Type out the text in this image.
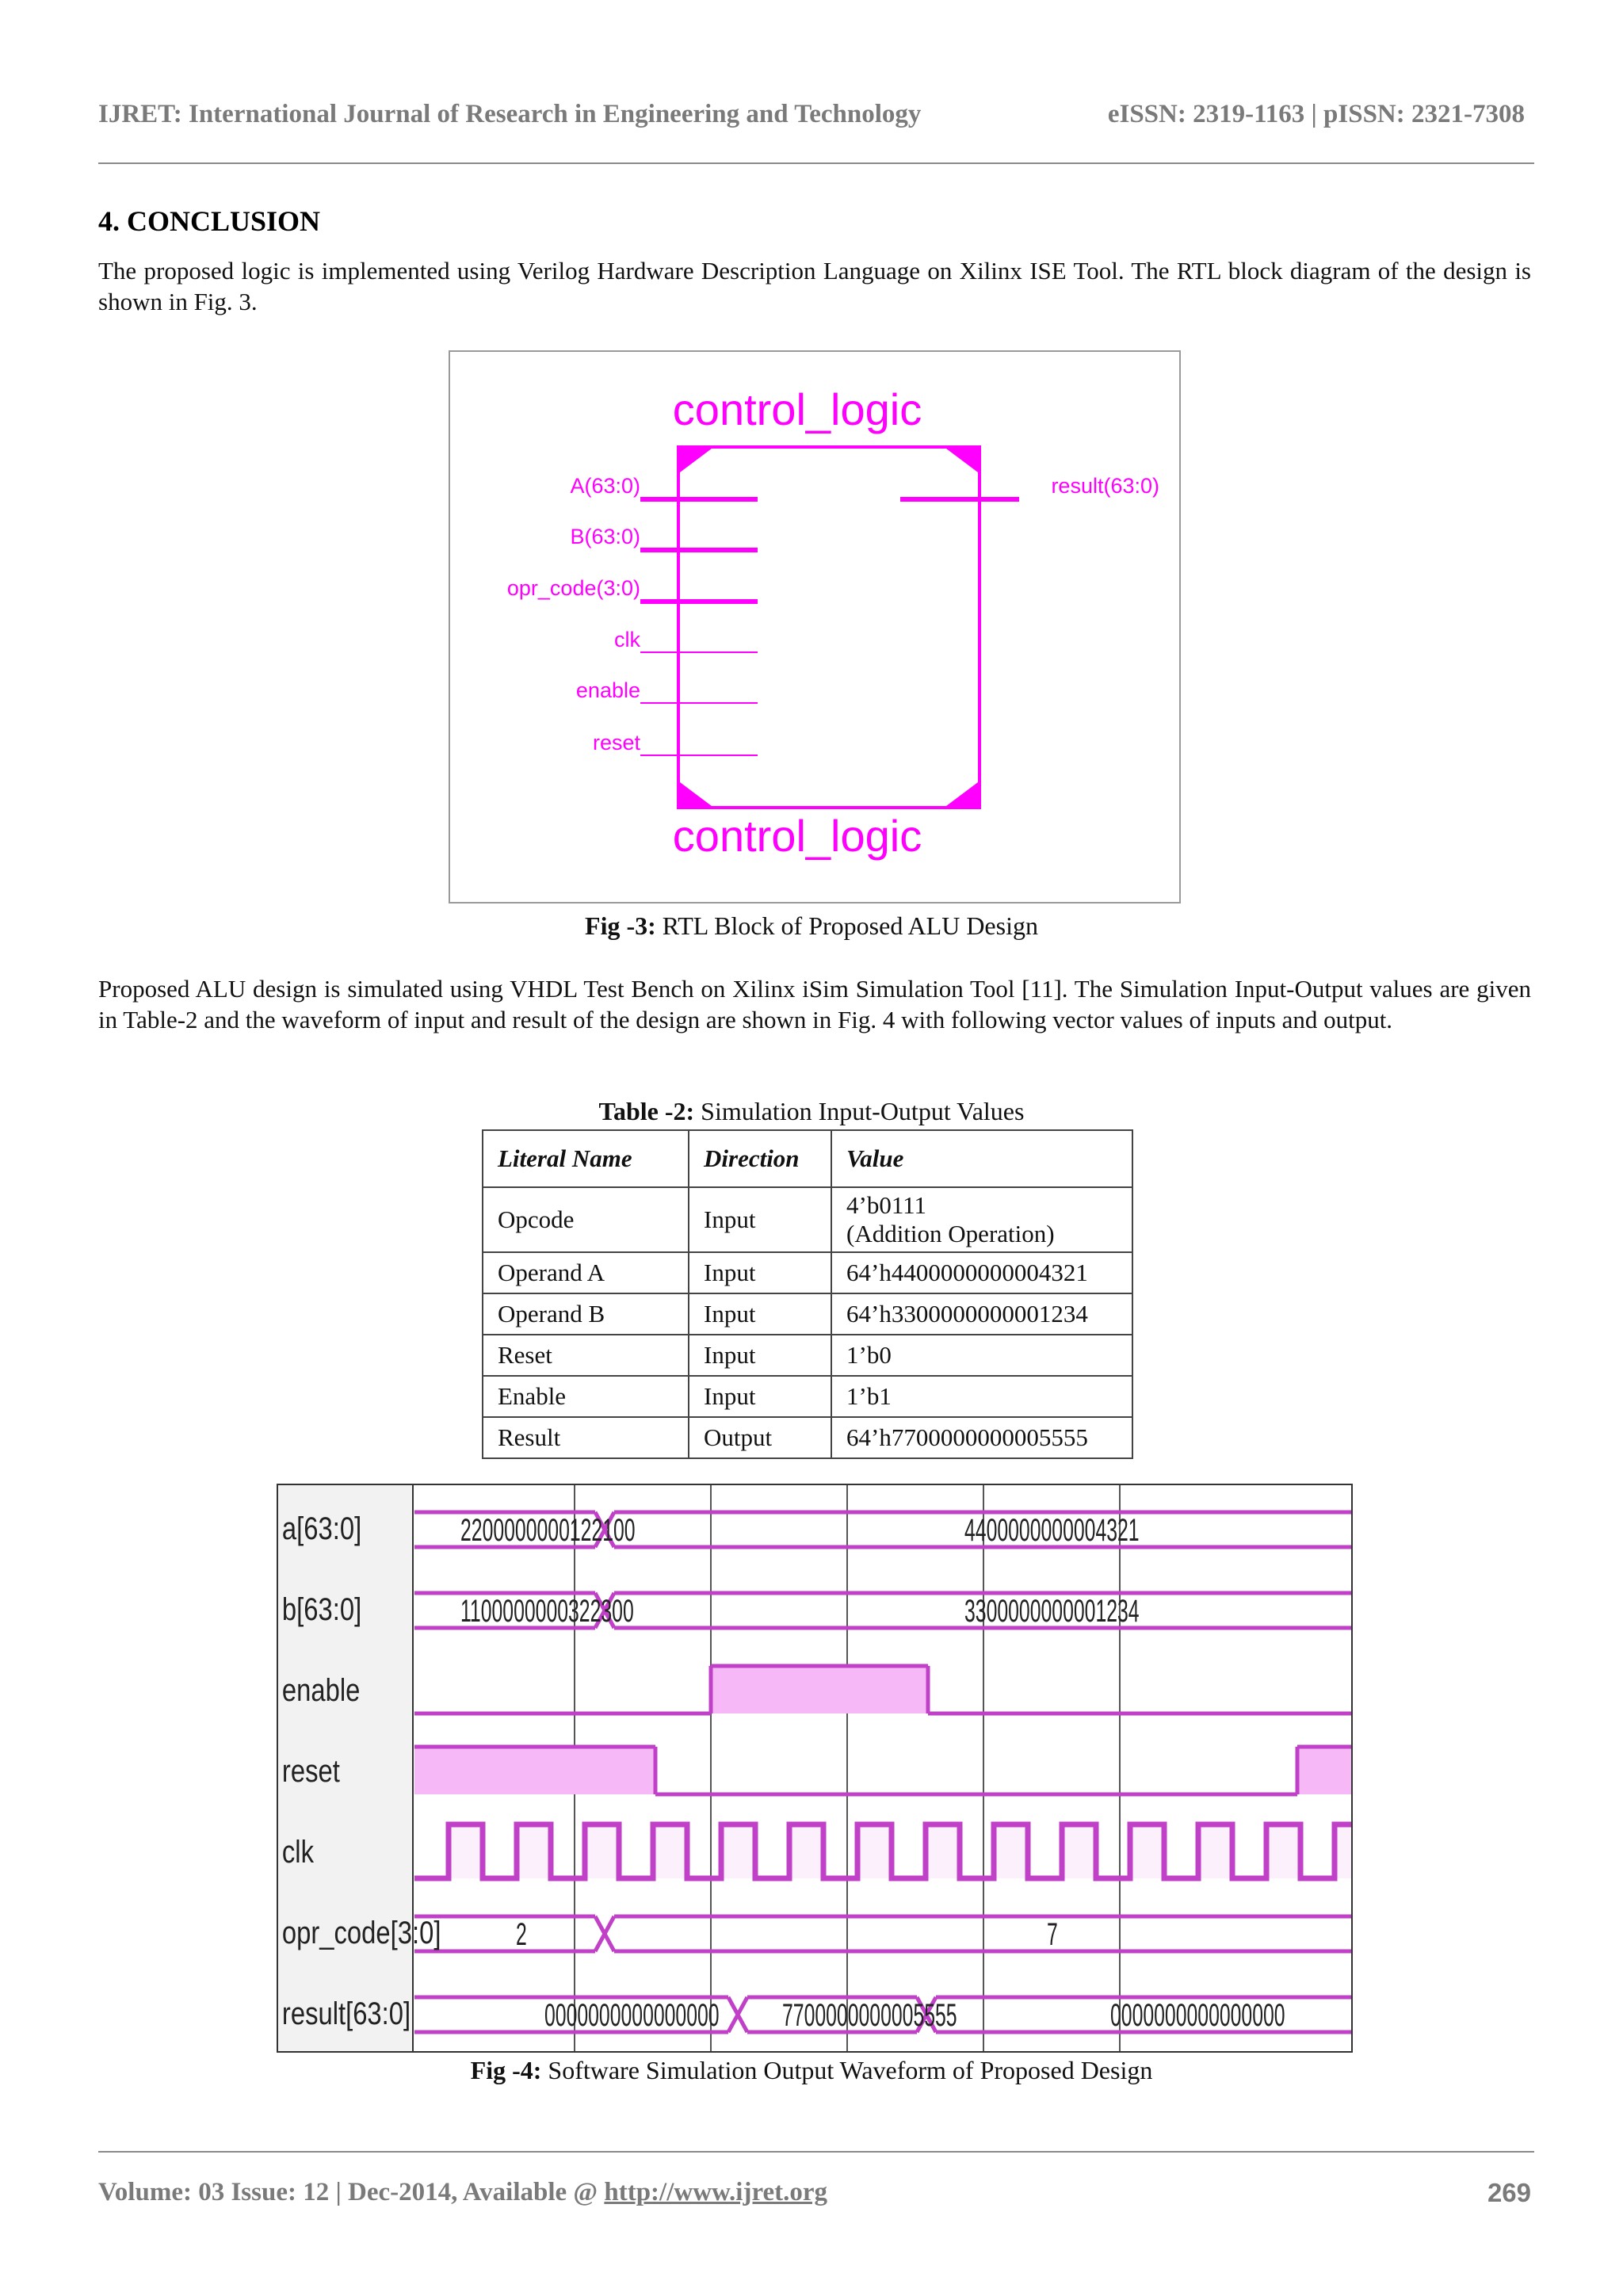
IJRET: International Journal of Research in Engineering and Technology	eISSN: 2319-1163 | pISSN: 2321-7308
4. CONCLUSION
The proposed logic is implemented using Verilog Hardware Description Language on Xilinx ISE Tool. The RTL block diagram of the design is shown in Fig. 3.
control_logic
A(63:0)
B(63:0)
opr_code(3:0)
clk
enable
reset
result(63:0)
control_logic
Fig -3: RTL Block of Proposed ALU Design
Proposed ALU design is simulated using VHDL Test Bench on Xilinx iSim Simulation Tool [11]. The Simulation Input-Output values are given in Table-2 and the waveform of input and result of the design are shown in Fig. 4 with following vector values of inputs and output.
Table -2: Simulation Input-Output Values
Literal Name	Direction	Value
Opcode	Input	4’b0111
(Addition Operation)
Operand A	Input	64’h4400000000004321
Operand B	Input	64’h3300000000001234
Reset	Input	1’b0
Enable	Input	1’b1
Result	Output	64’h7700000000005555
a[63:0]
b[63:0]
enable
reset
clk
opr_code[3:0]
result[63:0]
2200000000122100	4400000000004321
1100000000322300	3300000000001234
2	7
0000000000000000 7700000000005555	0000000000000000
Fig -4: Software Simulation Output Waveform of Proposed Design
Volume: 03 Issue: 12 | Dec-2014, Available @ http://www.ijret.org	269
